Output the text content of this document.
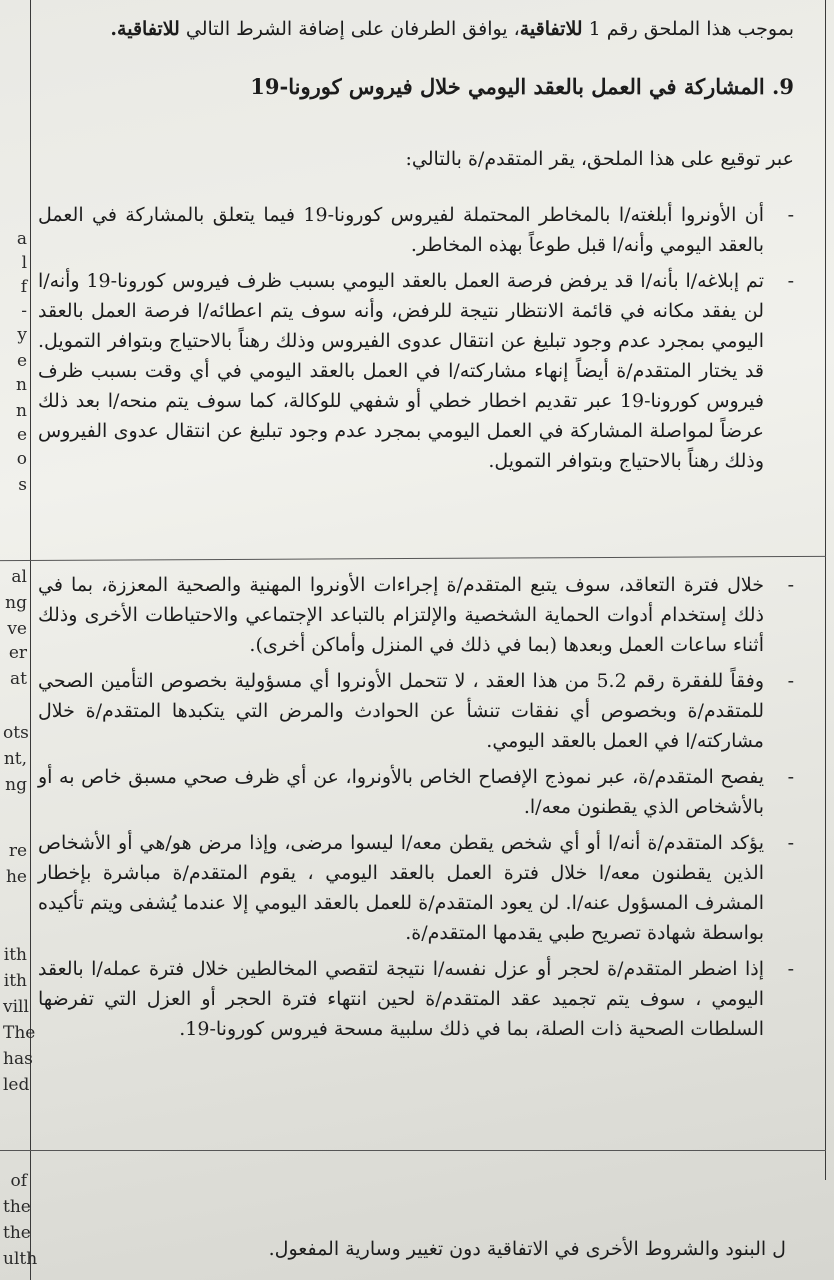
a
l
f
-
y
e
n
n
e
o
s
al
ng
ve
er
at
ots
nt,
ng
re
he
ith
ith
vill
The
has
led
of
the
the
ulth
بموجب هذا الملحق رقم 1 للاتفاقية، يوافق الطرفان على إضافة الشرط التالي للاتفاقية.
9. المشاركة في العمل بالعقد اليومي خلال فيروس كورونا-19
عبر توقيع على هذا الملحق، يقر المتقدم/ة بالتالي:
-
أن الأونروا أبلغته/ا بالمخاطر المحتملة لفيروس كورونا-19 فيما يتعلق بالمشاركة في العمل بالعقد اليومي وأنه/ا قبل طوعاً بهذه المخاطر.
-
تم إبلاغه/ا بأنه/ا قد يرفض فرصة العمل بالعقد اليومي بسبب ظرف فيروس كورونا-19 وأنه/ا لن يفقد مكانه في قائمة الانتظار نتيجة للرفض، وأنه سوف يتم اعطائه/ا فرصة العمل بالعقد اليومي بمجرد عدم وجود تبليغ عن انتقال عدوى الفيروس وذلك رهناً بالاحتياج وبتوافر التمويل. قد يختار المتقدم/ة أيضاً إنهاء مشاركته/ا في العمل بالعقد اليومي في أي وقت بسبب ظرف فيروس كورونا-19 عبر تقديم اخطار خطي أو شفهي للوكالة، كما سوف يتم منحه/ا بعد ذلك عرضاً لمواصلة المشاركة في العمل اليومي بمجرد عدم وجود تبليغ عن انتقال عدوى الفيروس وذلك رهناً بالاحتياج وبتوافر التمويل.
-
خلال فترة التعاقد، سوف يتبع المتقدم/ة إجراءات الأونروا المهنية والصحية المعززة، بما في ذلك إستخدام أدوات الحماية الشخصية والإلتزام بالتباعد الإجتماعي والاحتياطات الأخرى وذلك أثناء ساعات العمل وبعدها (بما في ذلك في المنزل وأماكن أخرى).
-
وفقاً للفقرة رقم 5.2 من هذا العقد ، لا تتحمل الأونروا أي مسؤولية بخصوص التأمين الصحي للمتقدم/ة وبخصوص أي نفقات تنشأ عن الحوادث والمرض التي يتكبدها المتقدم/ة خلال مشاركته/ا في العمل بالعقد اليومي.
-
يفصح المتقدم/ة، عبر نموذج الإفصاح الخاص بالأونروا، عن أي ظرف صحي مسبق خاص به أو بالأشخاص الذي يقطنون معه/ا.
-
يؤكد المتقدم/ة أنه/ا أو أي شخص يقطن معه/ا ليسوا مرضى، وإذا مرض هو/هي أو الأشخاص الذين يقطنون معه/ا خلال فترة العمل بالعقد اليومي ، يقوم المتقدم/ة مباشرة بإخطار المشرف المسؤول عنه/ا. لن يعود المتقدم/ة للعمل بالعقد اليومي إلا عندما يُشفى ويتم تأكيده بواسطة شهادة تصريح طبي يقدمها المتقدم/ة.
-
إذا اضطر المتقدم/ة لحجر أو عزل نفسه/ا نتيجة لتقصي المخالطين خلال فترة عمله/ا بالعقد اليومي ، سوف يتم تجميد عقد المتقدم/ة لحين انتهاء فترة الحجر أو العزل التي تفرضها السلطات الصحية ذات الصلة، بما في ذلك سلبية مسحة فيروس كورونا-19.
ل البنود والشروط الأخرى في الاتفاقية دون تغيير وسارية المفعول.
